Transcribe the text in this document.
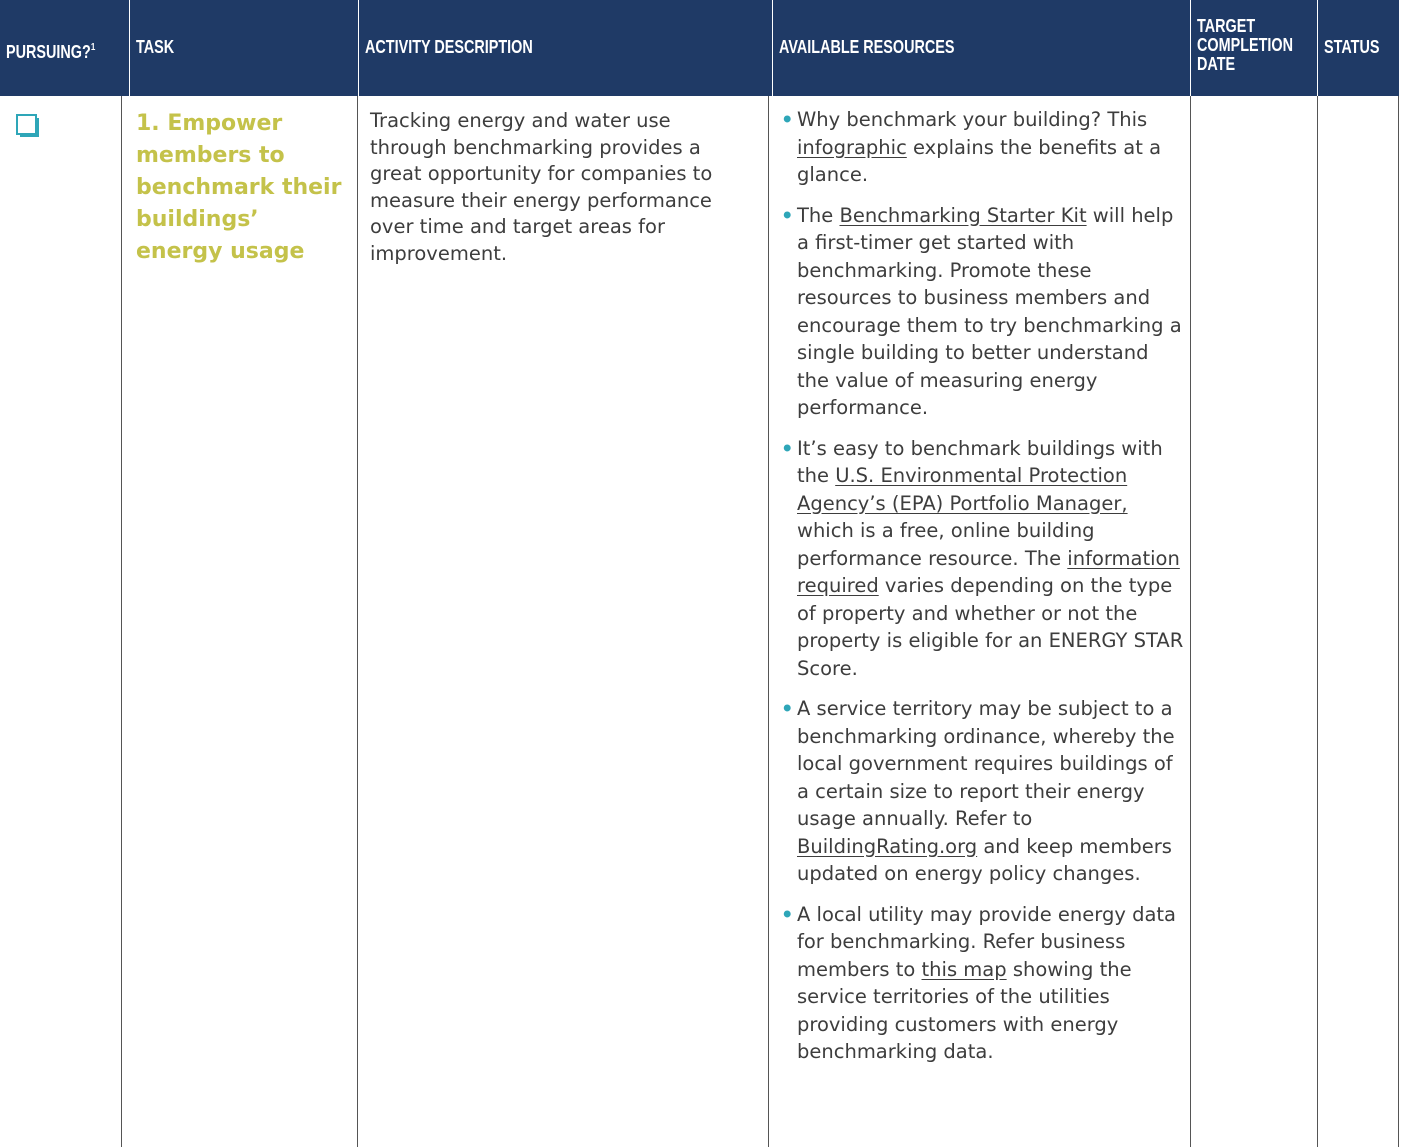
PURSUING?$^1$ TASK	ACTIVITY DESCRIPTION	AVAILABLE RESOURCES
TARGET
COMPLETION
DATE
STATUS
1. Empower members to benchmark their buildings’ energy usage
Tracking energy and water use through benchmarking provides a great opportunity for companies to measure their energy performance over time and target areas for improvement.
• Why benchmark your building? This infographic explains the benefits at a glance.
• The Benchmarking Starter Kit will help a first-timer get started with benchmarking. Promote these resources to business members and encourage them to try benchmarking a single building to better understand the value of measuring energy performance.
• It’s easy to benchmark buildings with the U.S. Environmental Protection Agency’s (EPA) Portfolio Manager, which is a free, online building performance resource. The information required varies depending on the type of property and whether or not the property is eligible for an ENERGY STAR Score.
• A service territory may be subject to a benchmarking ordinance, whereby the local government requires buildings of a certain size to report their energy usage annually. Refer to BuildingRating.org and keep members updated on energy policy changes.
• A local utility may provide energy data for benchmarking. Refer business members to this map showing the service territories of the utilities providing customers with energy benchmarking data.
